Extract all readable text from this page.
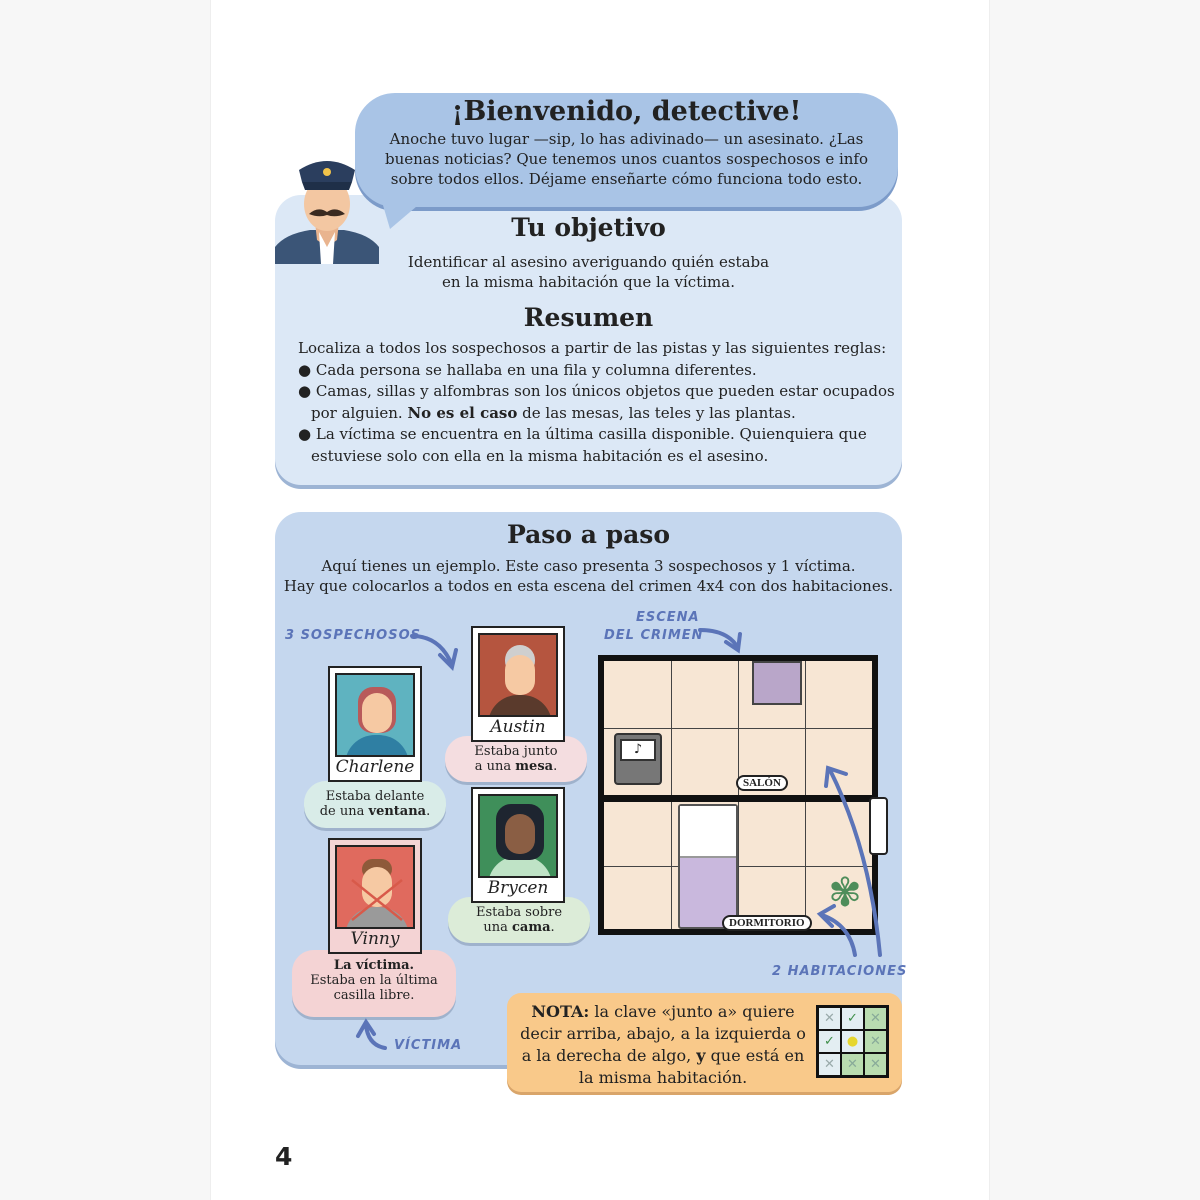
¡Bienvenido, detective!
Anoche tuvo lugar —sip, lo has adivinado— un asesinato. ¿Las
buenas noticias? Que tenemos unos cuantos sospechosos e info
sobre todos ellos. Déjame enseñarte cómo funciona todo esto.
Tu objetivo
Identificar al asesino averiguando quién estaba
en la misma habitación que la víctima.
Resumen
Localiza a todos los sospechosos a partir de las pistas y las siguientes reglas:
● Cada persona se hallaba en una fila y columna diferentes.
● Camas, sillas y alfombras son los únicos objetos que pueden estar ocupados por alguien. No es el caso de las mesas, las teles y las plantas.
● La víctima se encuentra en la última casilla disponible. Quienquiera que estuviese solo con ella en la misma habitación es el asesino.
Paso a paso
Aquí tienes un ejemplo. Este caso presenta 3 sospechosos y 1 víctima.
Hay que colocarlos a todos en esta escena del crimen 4x4 con dos habitaciones.
3 SOSPECHOSOS
ESCENA
DEL CRIMEN
2 HABITACIONES
VÍCTIMA
Charlene
Estaba delante
de una ventana.
Austin
Estaba junto
a una mesa.
Brycen
Estaba sobre
una cama.
Vinny
La víctima.
Estaba en la última
casilla libre.
♪
✾
SALÓN
DORMITORIO
NOTA: la clave «junto a» quiere decir arriba, abajo, a la izquierda o a la derecha de algo, y que está en la misma habitación.
✕ ✓ ✕
✓ ● ✕
✕ ✕ ✕
4
